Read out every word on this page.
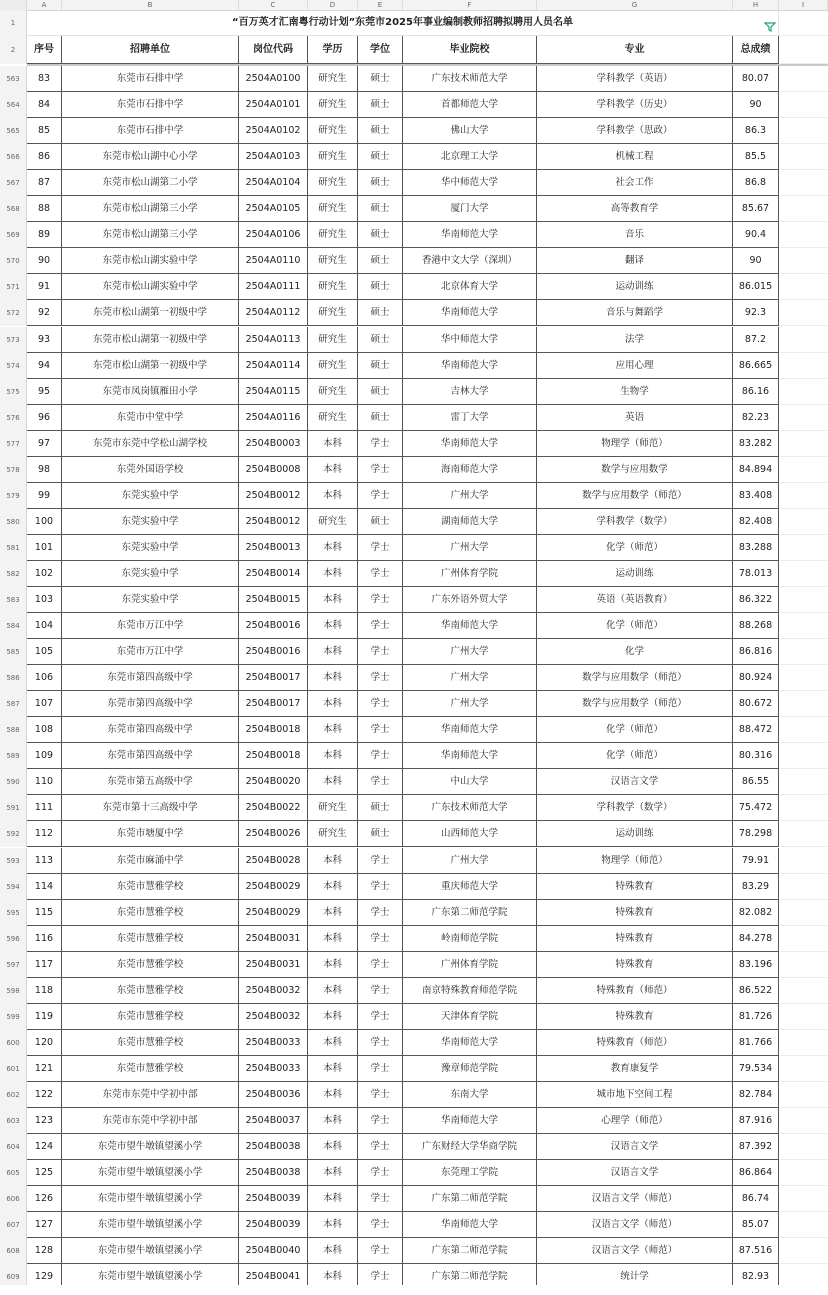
A	B	C	D	E	F	G	H	I
1	“百万英才汇南粤行动计划”东莞市2025年事业编制教师招聘拟聘用人员名单
2	序号	招聘单位	岗位代码	学历	学位	毕业院校	专业	总成绩
563	83	东莞市石排中学	2504A0100	研究生	硕士	广东技术师范大学	学科教学（英语）	80.07
564	84	东莞市石排中学	2504A0101	研究生	硕士	首都师范大学	学科教学（历史）	90
565	85	东莞市石排中学	2504A0102	研究生	硕士	佛山大学	学科教学（思政）	86.3
566	86	东莞市松山湖中心小学	2504A0103	研究生	硕士	北京理工大学	机械工程	85.5
567	87	东莞市松山湖第二小学	2504A0104	研究生	硕士	华中师范大学	社会工作	86.8
568	88	东莞市松山湖第三小学	2504A0105	研究生	硕士	厦门大学	高等教育学	85.67
569	89	东莞市松山湖第三小学	2504A0106	研究生	硕士	华南师范大学	音乐	90.4
570	90	东莞市松山湖实验中学	2504A0110	研究生	硕士	香港中文大学（深圳）	翻译	90
571	91	东莞市松山湖实验中学	2504A0111	研究生	硕士	北京体育大学	运动训练	86.015
572	92	东莞市松山湖第一初级中学	2504A0112	研究生	硕士	华南师范大学	音乐与舞蹈学	92.3
573	93	东莞市松山湖第一初级中学	2504A0113	研究生	硕士	华中师范大学	法学	87.2
574	94	东莞市松山湖第一初级中学	2504A0114	研究生	硕士	华南师范大学	应用心理	86.665
575	95	东莞市凤岗镇雁田小学	2504A0115	研究生	硕士	吉林大学	生物学	86.16
576	96	东莞市中堂中学	2504A0116	研究生	硕士	雷丁大学	英语	82.23
577	97	东莞市东莞中学松山湖学校	2504B0003	本科	学士	华南师范大学	物理学（师范）	83.282
578	98	东莞外国语学校	2504B0008	本科	学士	海南师范大学	数学与应用数学	84.894
579	99	东莞实验中学	2504B0012	本科	学士	广州大学	数学与应用数学（师范）	83.408
580	100	东莞实验中学	2504B0012	研究生	硕士	湖南师范大学	学科教学（数学）	82.408
581	101	东莞实验中学	2504B0013	本科	学士	广州大学	化学（师范）	83.288
582	102	东莞实验中学	2504B0014	本科	学士	广州体育学院	运动训练	78.013
583	103	东莞实验中学	2504B0015	本科	学士	广东外语外贸大学	英语（英语教育）	86.322
584	104	东莞市万江中学	2504B0016	本科	学士	华南师范大学	化学（师范）	88.268
585	105	东莞市万江中学	2504B0016	本科	学士	广州大学	化学	86.816
586	106	东莞市第四高级中学	2504B0017	本科	学士	广州大学	数学与应用数学（师范）	80.924
587	107	东莞市第四高级中学	2504B0017	本科	学士	广州大学	数学与应用数学（师范）	80.672
588	108	东莞市第四高级中学	2504B0018	本科	学士	华南师范大学	化学（师范）	88.472
589	109	东莞市第四高级中学	2504B0018	本科	学士	华南师范大学	化学（师范）	80.316
590	110	东莞市第五高级中学	2504B0020	本科	学士	中山大学	汉语言文学	86.55
591	111	东莞市第十三高级中学	2504B0022	研究生	硕士	广东技术师范大学	学科教学（数学）	75.472
592	112	东莞市塘厦中学	2504B0026	研究生	硕士	山西师范大学	运动训练	78.298
593	113	东莞市麻涌中学	2504B0028	本科	学士	广州大学	物理学（师范）	79.91
594	114	东莞市慧雅学校	2504B0029	本科	学士	重庆师范大学	特殊教育	83.29
595	115	东莞市慧雅学校	2504B0029	本科	学士	广东第二师范学院	特殊教育	82.082
596	116	东莞市慧雅学校	2504B0031	本科	学士	岭南师范学院	特殊教育	84.278
597	117	东莞市慧雅学校	2504B0031	本科	学士	广州体育学院	特殊教育	83.196
598	118	东莞市慧雅学校	2504B0032	本科	学士	南京特殊教育师范学院	特殊教育（师范）	86.522
599	119	东莞市慧雅学校	2504B0032	本科	学士	天津体育学院	特殊教育	81.726
600	120	东莞市慧雅学校	2504B0033	本科	学士	华南师范大学	特殊教育（师范）	81.766
601	121	东莞市慧雅学校	2504B0033	本科	学士	豫章师范学院	教育康复学	79.534
602	122	东莞市东莞中学初中部	2504B0036	本科	学士	东南大学	城市地下空间工程	82.784
603	123	东莞市东莞中学初中部	2504B0037	本科	学士	华南师范大学	心理学（师范）	87.916
604	124	东莞市望牛墩镇望溪小学	2504B0038	本科	学士	广东财经大学华商学院	汉语言文学	87.392
605	125	东莞市望牛墩镇望溪小学	2504B0038	本科	学士	东莞理工学院	汉语言文学	86.864
606	126	东莞市望牛墩镇望溪小学	2504B0039	本科	学士	广东第二师范学院	汉语言文学（师范）	86.74
607	127	东莞市望牛墩镇望溪小学	2504B0039	本科	学士	华南师范大学	汉语言文学（师范）	85.07
608	128	东莞市望牛墩镇望溪小学	2504B0040	本科	学士	广东第二师范学院	汉语言文学（师范）	87.516
609	129	东莞市望牛墩镇望溪小学	2504B0041	本科	学士	广东第二师范学院	统计学	82.93
